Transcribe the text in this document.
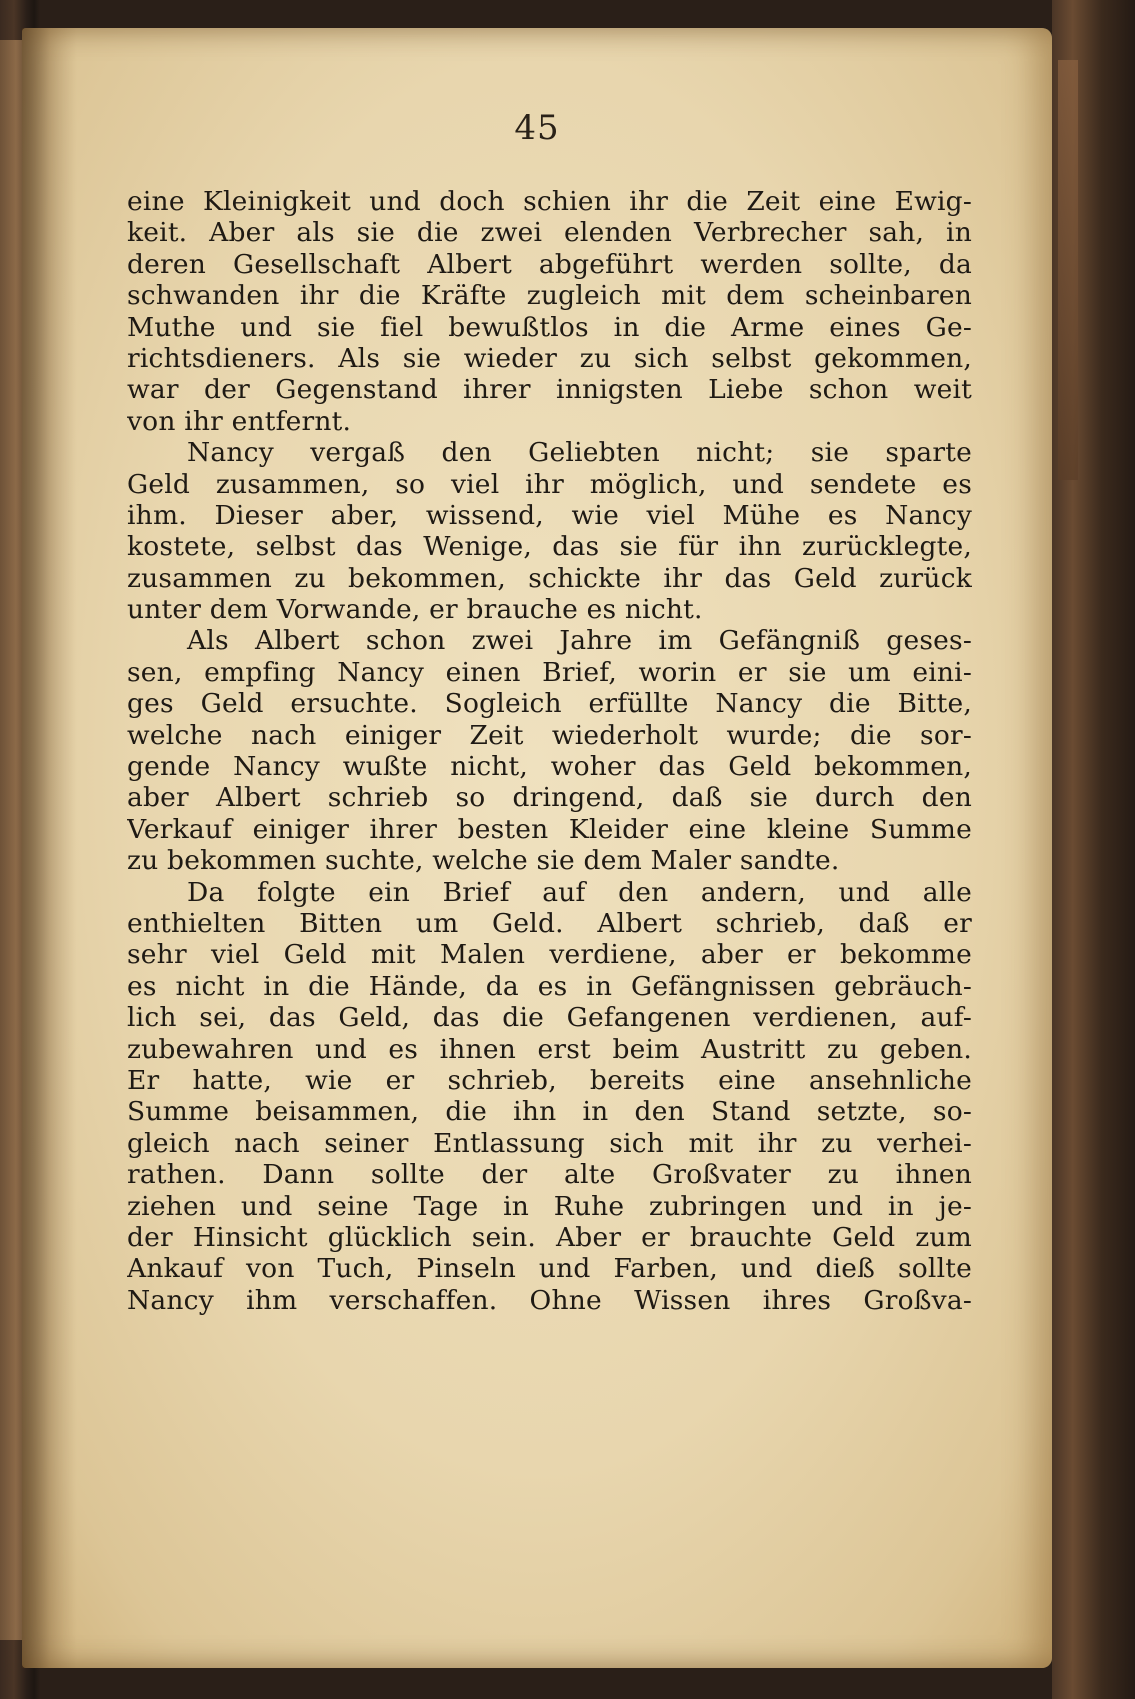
45
eine Kleinigkeit und doch schien ihr die Zeit eine Ewig-
keit. Aber als sie die zwei elenden Verbrecher sah, in
deren Gesellschaft Albert abgeführt werden sollte, da
schwanden ihr die Kräfte zugleich mit dem scheinbaren
Muthe und sie fiel bewußtlos in die Arme eines Ge-
richtsdieners. Als sie wieder zu sich selbst gekommen,
war der Gegenstand ihrer innigsten Liebe schon weit
von ihr entfernt.
Nancy vergaß den Geliebten nicht; sie sparte
Geld zusammen, so viel ihr möglich, und sendete es
ihm. Dieser aber, wissend, wie viel Mühe es Nancy
kostete, selbst das Wenige, das sie für ihn zurücklegte,
zusammen zu bekommen, schickte ihr das Geld zurück
unter dem Vorwande, er brauche es nicht.
Als Albert schon zwei Jahre im Gefängniß geses-
sen, empfing Nancy einen Brief, worin er sie um eini-
ges Geld ersuchte. Sogleich erfüllte Nancy die Bitte,
welche nach einiger Zeit wiederholt wurde; die sor-
gende Nancy wußte nicht, woher das Geld bekommen,
aber Albert schrieb so dringend, daß sie durch den
Verkauf einiger ihrer besten Kleider eine kleine Summe
zu bekommen suchte, welche sie dem Maler sandte.
Da folgte ein Brief auf den andern, und alle
enthielten Bitten um Geld. Albert schrieb, daß er
sehr viel Geld mit Malen verdiene, aber er bekomme
es nicht in die Hände, da es in Gefängnissen gebräuch-
lich sei, das Geld, das die Gefangenen verdienen, auf-
zubewahren und es ihnen erst beim Austritt zu geben.
Er hatte, wie er schrieb, bereits eine ansehnliche
Summe beisammen, die ihn in den Stand setzte, so-
gleich nach seiner Entlassung sich mit ihr zu verhei-
rathen. Dann sollte der alte Großvater zu ihnen
ziehen und seine Tage in Ruhe zubringen und in je-
der Hinsicht glücklich sein. Aber er brauchte Geld zum
Ankauf von Tuch, Pinseln und Farben, und dieß sollte
Nancy ihm verschaffen. Ohne Wissen ihres Großva-
